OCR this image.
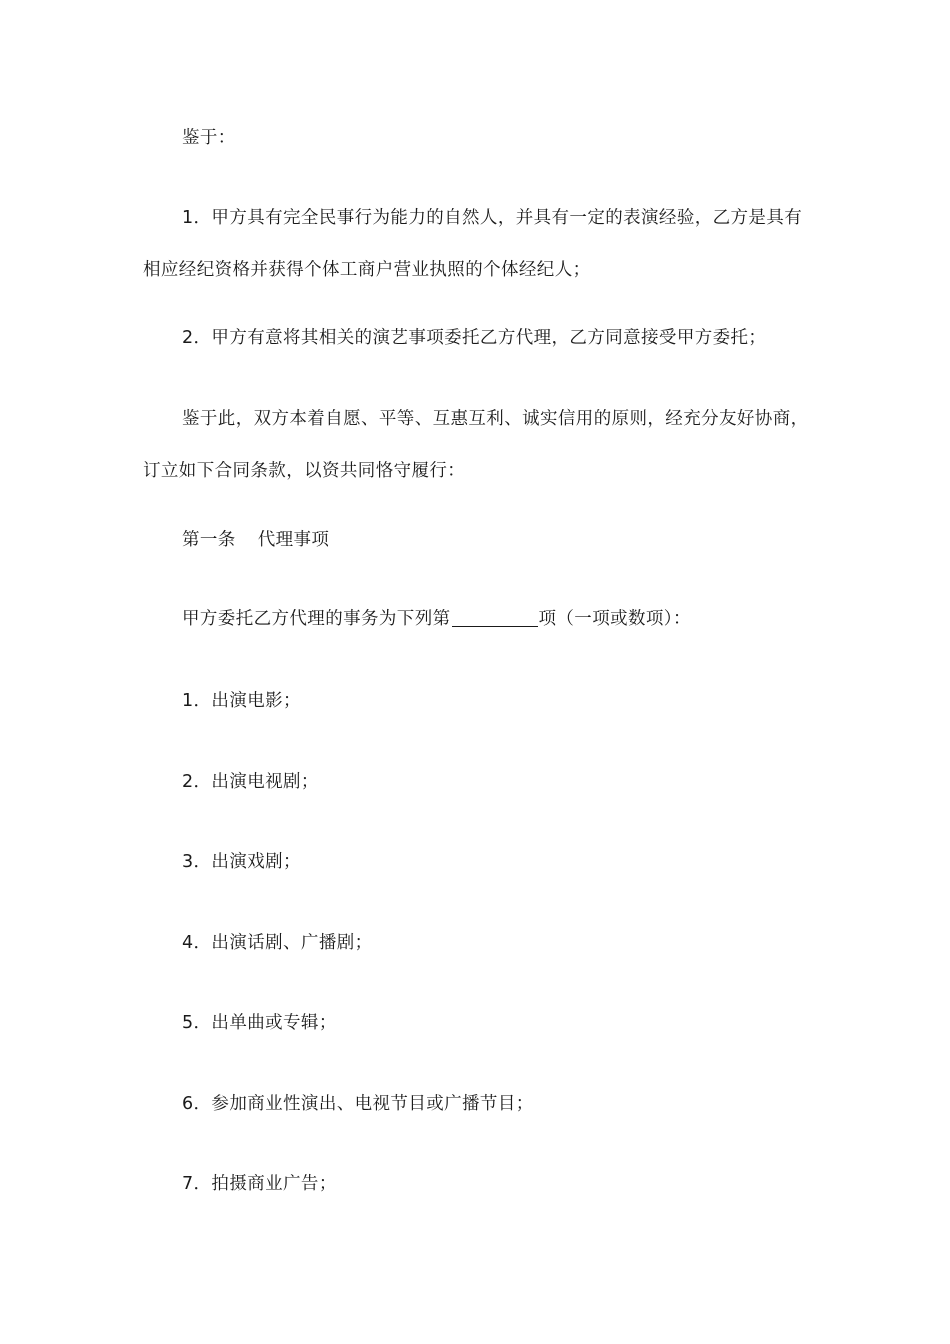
鉴于：

1．甲方具有完全民事行为能力的自然人，并具有一定的表演经验，乙方是具有相应经纪资格并获得个体工商户营业执照的个体经纪人；

2．甲方有意将其相关的演艺事项委托乙方代理，乙方同意接受甲方委托；

鉴于此，双方本着自愿、平等、互惠互利、诚实信用的原则，经充分友好协商，订立如下合同条款，以资共同恪守履行：

第一条 代理事项

甲方委托乙方代理的事务为下列第	项（一项或数项）：

1．出演电影；

2．出演电视剧；

3．出演戏剧；

4．出演话剧、广播剧；

5．出单曲或专辑；

6．参加商业性演出、电视节目或广播节目；

7．拍摄商业广告；
